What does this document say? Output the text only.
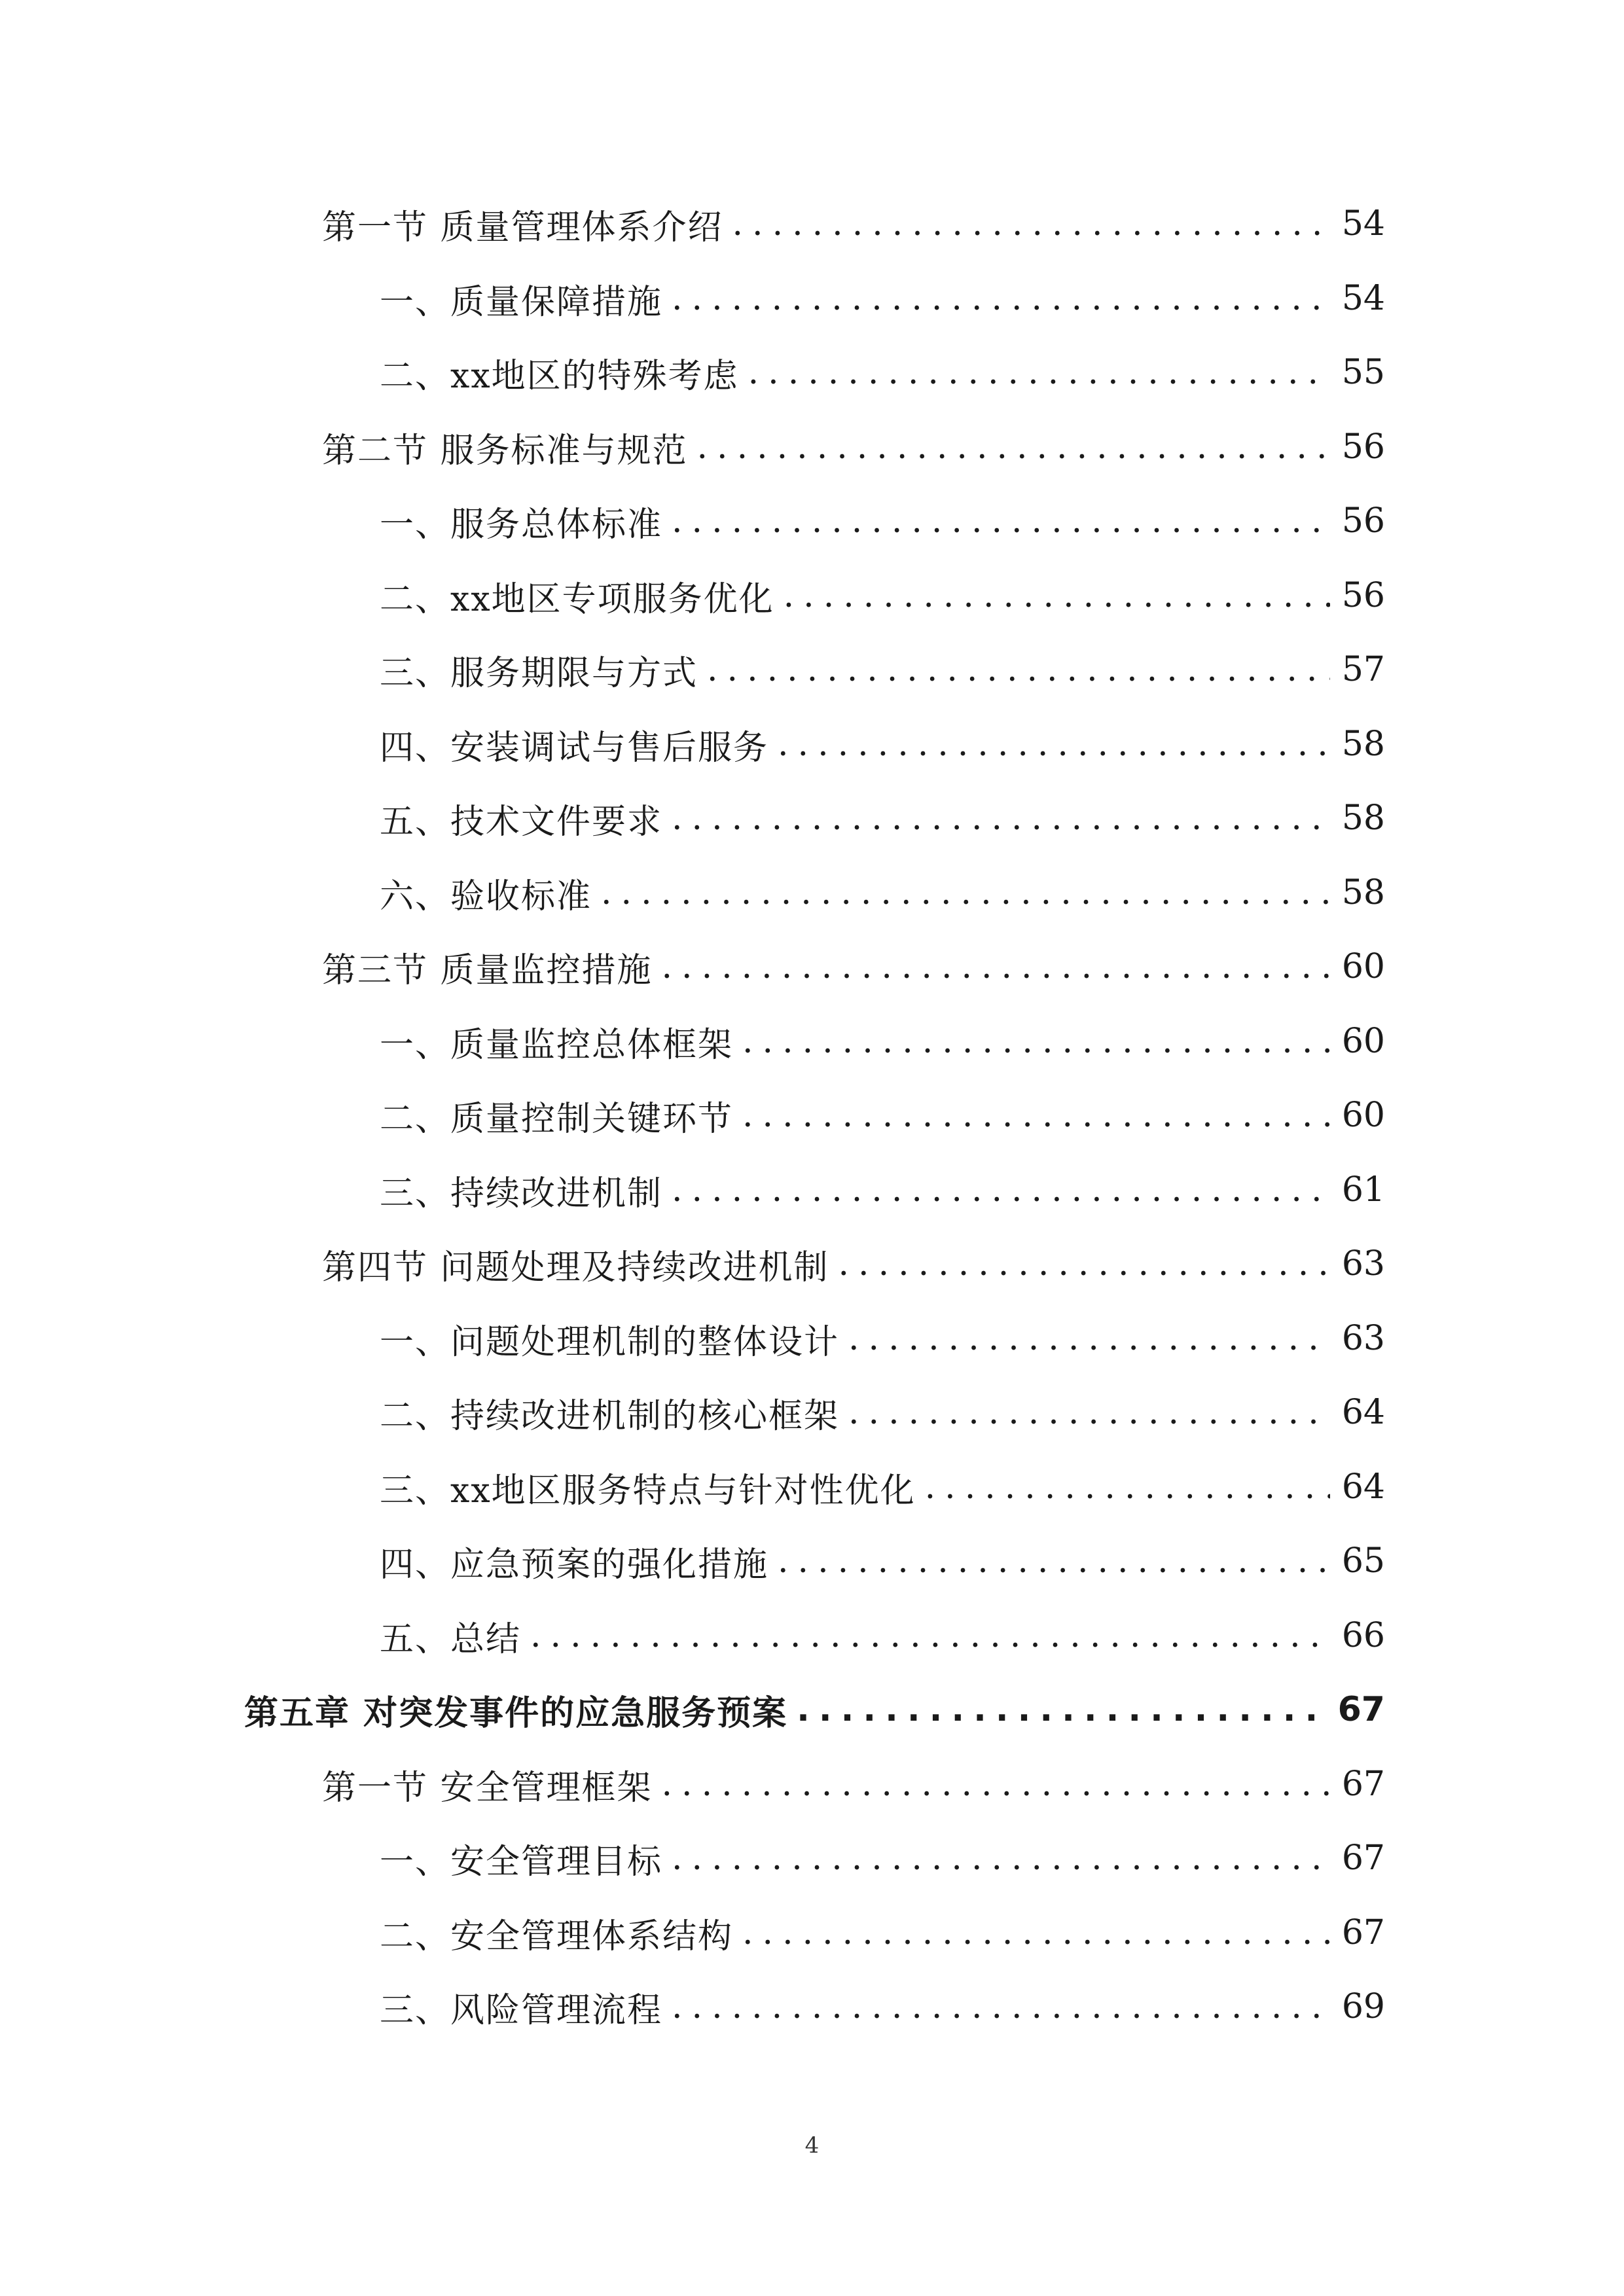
第一节 质量管理体系介绍 .....	54
一、质量保障措施 .....	54
二、xx地区的特殊考虑 .....	55
第二节 服务标准与规范 .....	56
一、服务总体标准 .....	56
二、xx地区专项服务优化 .....	56
三、服务期限与方式 .....	57
四、安装调试与售后服务 .....	58
五、技术文件要求 .....	58
六、验收标准 .....	58
第三节 质量监控措施 .....	60
一、质量监控总体框架 .....	60
二、质量控制关键环节 .....	60
三、持续改进机制 .....	61
第四节 问题处理及持续改进机制 .....	63
一、问题处理机制的整体设计 .....	63
二、持续改进机制的核心框架 .....	64
三、xx地区服务特点与针对性优化 .....	64
四、应急预案的强化措施 .....	65
五、总结 .....	66
第五章 对突发事件的应急服务预案 .....	67
第一节 安全管理框架 .....	67
一、安全管理目标 .....	67
二、安全管理体系结构 .....	67
三、风险管理流程 .....	69
4
